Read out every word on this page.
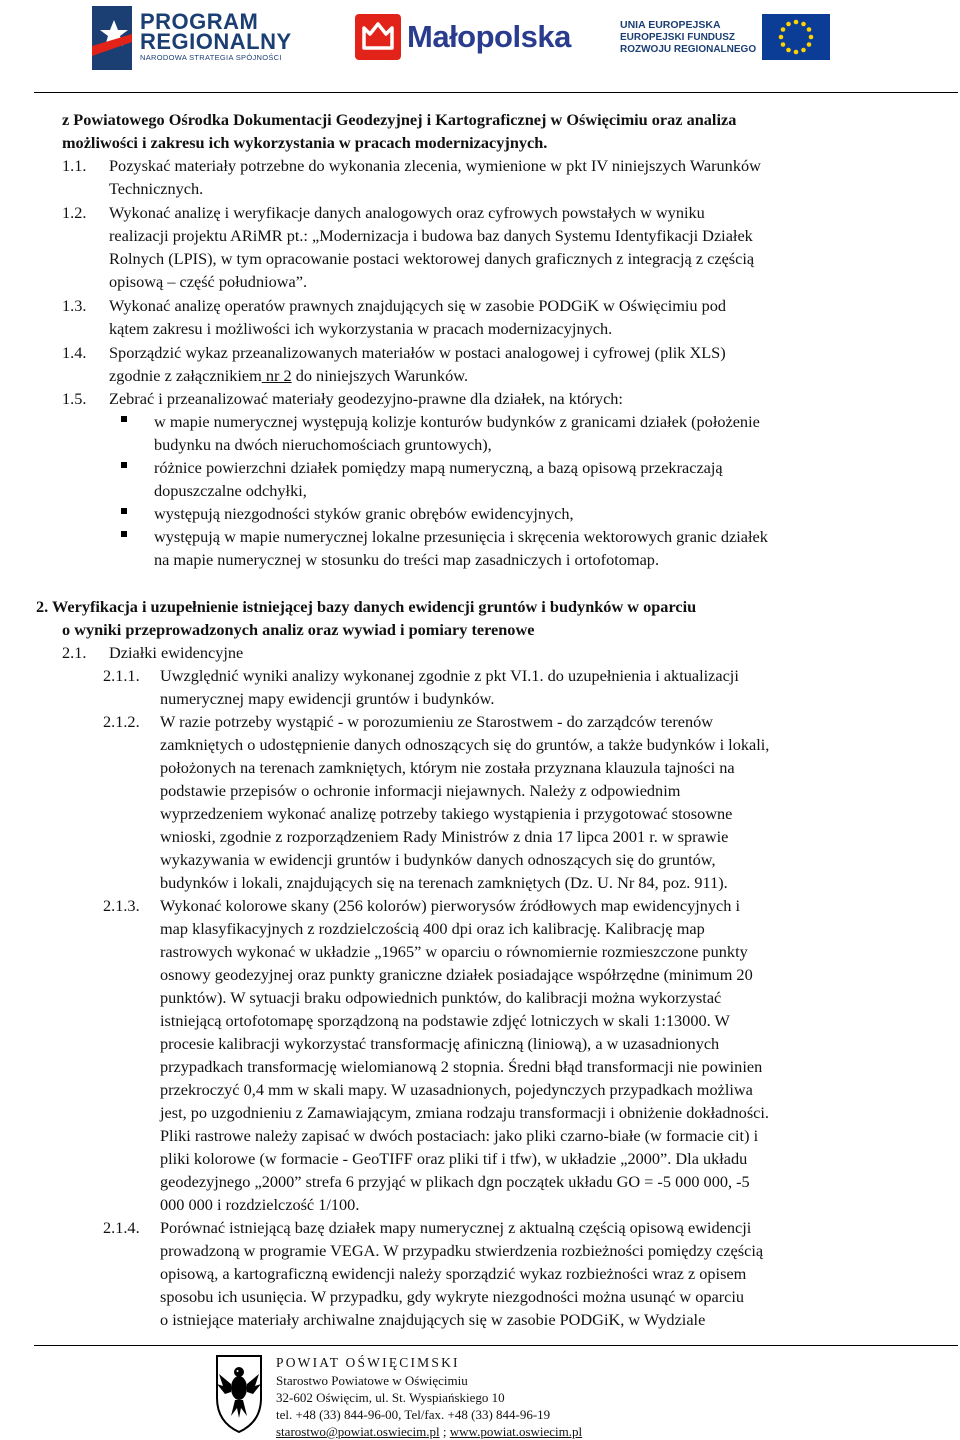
PROGRAM
REGIONALNY
NARODOWA STRATEGIA SPÓJNOŚCI
Małopolska	UNIA EUROPEJSKA
EUROPEJSKI FUNDUSZ
ROZWOJU REGIONALNEGO
z Powiatowego Ośrodka Dokumentacji Geodezyjnej i Kartograficznej w Oświęcimiu oraz analiza
możliwości i zakresu ich wykorzystania w pracach modernizacyjnych.
1.1. Pozyskać materiały potrzebne do wykonania zlecenia, wymienione w pkt IV niniejszych Warunków
Technicznych.
1.2. Wykonać analizę i weryfikacje danych analogowych oraz cyfrowych powstałych w wyniku
realizacji projektu ARiMR pt.: „Modernizacja i budowa baz danych Systemu Identyfikacji Działek
Rolnych (LPIS), w tym opracowanie postaci wektorowej danych graficznych z integracją z częścią
opisową – część południowa”.
1.3. Wykonać analizę operatów prawnych znajdujących się w zasobie PODGiK w Oświęcimiu pod
kątem zakresu i możliwości ich wykorzystania w pracach modernizacyjnych.
1.4. Sporządzić wykaz przeanalizowanych materiałów w postaci analogowej i cyfrowej (plik XLS)
zgodnie z załącznikiem nr 2 do niniejszych Warunków.
1.5. Zebrać i przeanalizować materiały geodezyjno-prawne dla działek, na których:
w mapie numerycznej występują kolizje konturów budynków z granicami działek (położenie
budynku na dwóch nieruchomościach gruntowych),
różnice powierzchni działek pomiędzy mapą numeryczną, a bazą opisową przekraczają
dopuszczalne odchyłki,
występują niezgodności styków granic obrębów ewidencyjnych,
występują w mapie numerycznej lokalne przesunięcia i skręcenia wektorowych granic działek
na mapie numerycznej w stosunku do treści map zasadniczych i ortofotomap.
2. Weryfikacja i uzupełnienie istniejącej bazy danych ewidencji gruntów i budynków w oparciu
o wyniki przeprowadzonych analiz oraz wywiad i pomiary terenowe
2.1. Działki ewidencyjne
2.1.1. Uwzględnić wyniki analizy wykonanej zgodnie z pkt VI.1. do uzupełnienia i aktualizacji
numerycznej mapy ewidencji gruntów i budynków.
2.1.2. W razie potrzeby wystąpić - w porozumieniu ze Starostwem - do zarządców terenów
zamkniętych o udostępnienie danych odnoszących się do gruntów, a także budynków i lokali,
położonych na terenach zamkniętych, którym nie została przyznana klauzula tajności na
podstawie przepisów o ochronie informacji niejawnych. Należy z odpowiednim
wyprzedzeniem wykonać analizę potrzeby takiego wystąpienia i przygotować stosowne
wnioski, zgodnie z rozporządzeniem Rady Ministrów z dnia 17 lipca 2001 r. w sprawie
wykazywania w ewidencji gruntów i budynków danych odnoszących się do gruntów,
budynków i lokali, znajdujących się na terenach zamkniętych (Dz. U. Nr 84, poz. 911).
2.1.3. Wykonać kolorowe skany (256 kolorów) pierworysów źródłowych map ewidencyjnych i
map klasyfikacyjnych z rozdzielczością 400 dpi oraz ich kalibrację. Kalibrację map
rastrowych wykonać w układzie „1965” w oparciu o równomiernie rozmieszczone punkty
osnowy geodezyjnej oraz punkty graniczne działek posiadające współrzędne (minimum 20
punktów). W sytuacji braku odpowiednich punktów, do kalibracji można wykorzystać
istniejącą ortofotomapę sporządzoną na podstawie zdjęć lotniczych w skali 1:13000. W
procesie kalibracji wykorzystać transformację afiniczną (liniową), a w uzasadnionych
przypadkach transformację wielomianową 2 stopnia. Średni błąd transformacji nie powinien
przekroczyć 0,4 mm w skali mapy. W uzasadnionych, pojedynczych przypadkach możliwa
jest, po uzgodnieniu z Zamawiającym, zmiana rodzaju transformacji i obniżenie dokładności.
Pliki rastrowe należy zapisać w dwóch postaciach: jako pliki czarno-białe (w formacie cit) i
pliki kolorowe (w formacie - GeoTIFF oraz pliki tif i tfw), w układzie „2000”. Dla układu
geodezyjnego „2000” strefa 6 przyjąć w plikach dgn początek układu GO = -5 000 000, -5
000 000 i rozdzielczość 1/100.
2.1.4. Porównać istniejącą bazę działek mapy numerycznej z aktualną częścią opisową ewidencji
prowadzoną w programie VEGA. W przypadku stwierdzenia rozbieżności pomiędzy częścią
opisową, a kartograficzną ewidencji należy sporządzić wykaz rozbieżności wraz z opisem
sposobu ich usunięcia. W przypadku, gdy wykryte niezgodności można usunąć w oparciu
o istniejące materiały archiwalne znajdujących się w zasobie PODGiK, w Wydziale
POWIAT OŚWIĘCIMSKI
Starostwo Powiatowe w Oświęcimiu
32-602 Oświęcim, ul. St. Wyspiańskiego 10
tel. +48 (33) 844-96-00, Tel/fax. +48 (33) 844-96-19
starostwo@powiat.oswiecim.pl ; www.powiat.oswiecim.pl
